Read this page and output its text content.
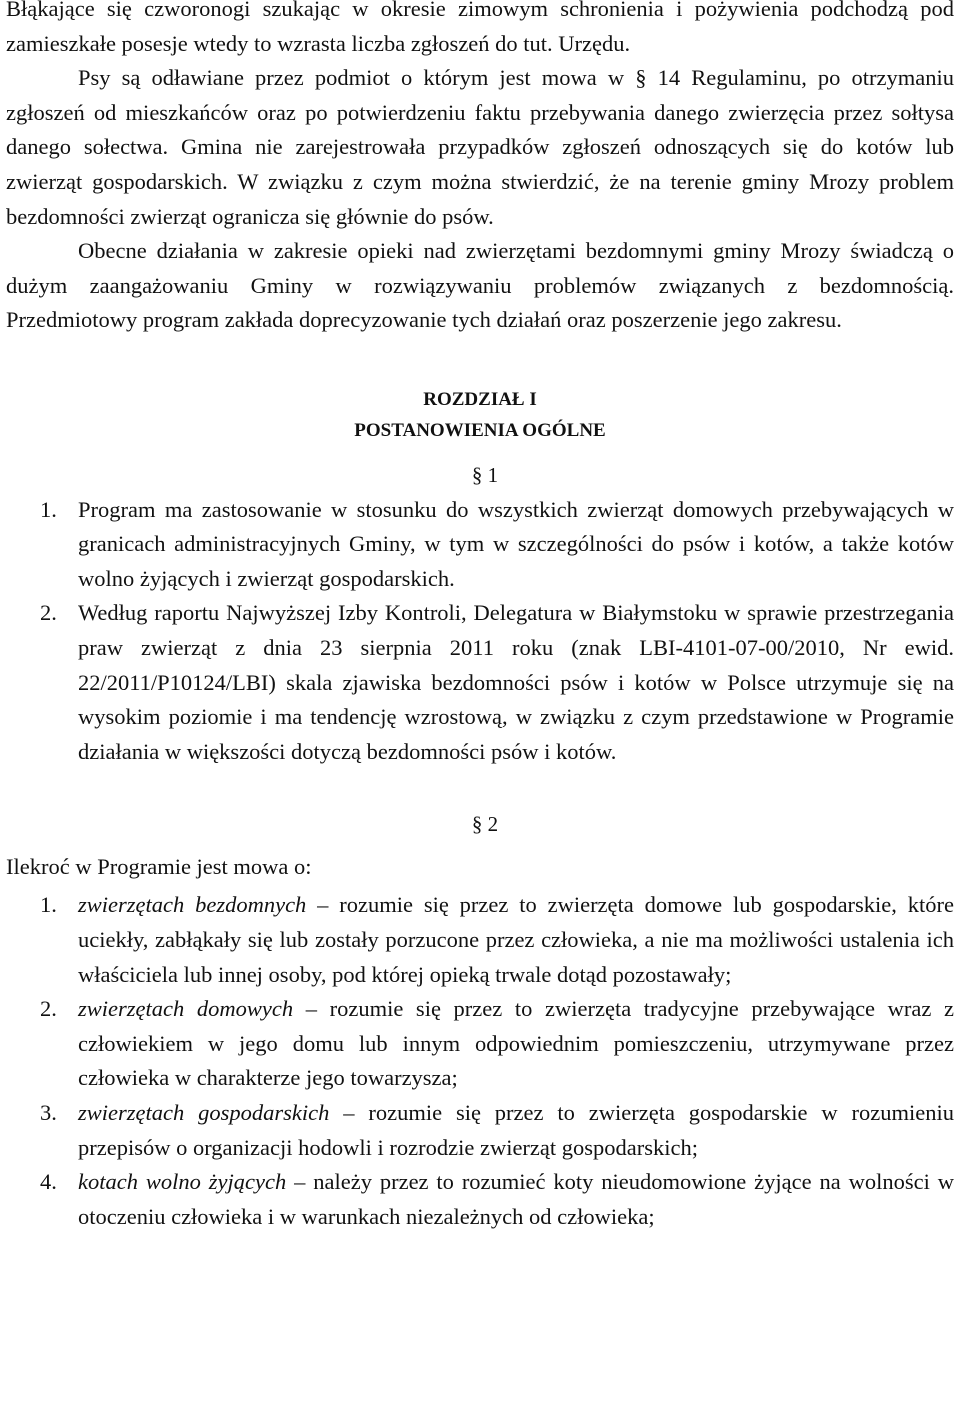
Błąkające się czworonogi szukając w okresie zimowym schronienia i pożywienia podchodzą pod zamieszkałe posesje wtedy to wzrasta liczba zgłoszeń do tut. Urzędu.

Psy są odławiane przez podmiot o którym jest mowa w § 14 Regulaminu, po otrzymaniu zgłoszeń od mieszkańców oraz po potwierdzeniu faktu przebywania danego zwierzęcia przez sołtysa danego sołectwa. Gmina nie zarejestrowała przypadków zgłoszeń odnoszących się do kotów lub zwierząt gospodarskich. W związku z czym można stwierdzić, że na terenie gminy Mrozy problem bezdomności zwierząt ogranicza się głównie do psów.

Obecne działania w zakresie opieki nad zwierzętami bezdomnymi gminy Mrozy świadczą o dużym zaangażowaniu Gminy w rozwiązywaniu problemów związanych z bezdomnością. Przedmiotowy program zakłada doprecyzowanie tych działań oraz poszerzenie jego zakresu.

ROZDZIAŁ I

POSTANOWIENIA OGÓLNE

§ 1

1. Program ma zastosowanie w stosunku do wszystkich zwierząt domowych przebywających w granicach administracyjnych Gminy, w tym w szczególności do psów i kotów, a także kotów wolno żyjących i zwierząt gospodarskich.
2. Według raportu Najwyższej Izby Kontroli, Delegatura w Białymstoku w sprawie przestrzegania praw zwierząt z dnia 23 sierpnia 2011 roku (znak LBI-4101-07-00/2010, Nr ewid. 22/2011/P10124/LBI) skala zjawiska bezdomności psów i kotów w Polsce utrzymuje się na wysokim poziomie i ma tendencję wzrostową, w związku z czym przedstawione w Programie działania w większości dotyczą bezdomności psów i kotów.

§ 2

Ilekroć w Programie jest mowa o:

1. zwierzętach bezdomnych – rozumie się przez to zwierzęta domowe lub gospodarskie, które uciekły, zabłąkały się lub zostały porzucone przez człowieka, a nie ma możliwości ustalenia ich właściciela lub innej osoby, pod której opieką trwale dotąd pozostawały;
2. zwierzętach domowych – rozumie się przez to zwierzęta tradycyjne przebywające wraz z człowiekiem w jego domu lub innym odpowiednim pomieszczeniu, utrzymywane przez człowieka w charakterze jego towarzysza;
3. zwierzętach gospodarskich – rozumie się przez to zwierzęta gospodarskie w rozumieniu przepisów o organizacji hodowli i rozrodzie zwierząt gospodarskich;
4. kotach wolno żyjących – należy przez to rozumieć koty nieudomowione żyjące na wolności w otoczeniu człowieka i w warunkach niezależnych od człowieka;
